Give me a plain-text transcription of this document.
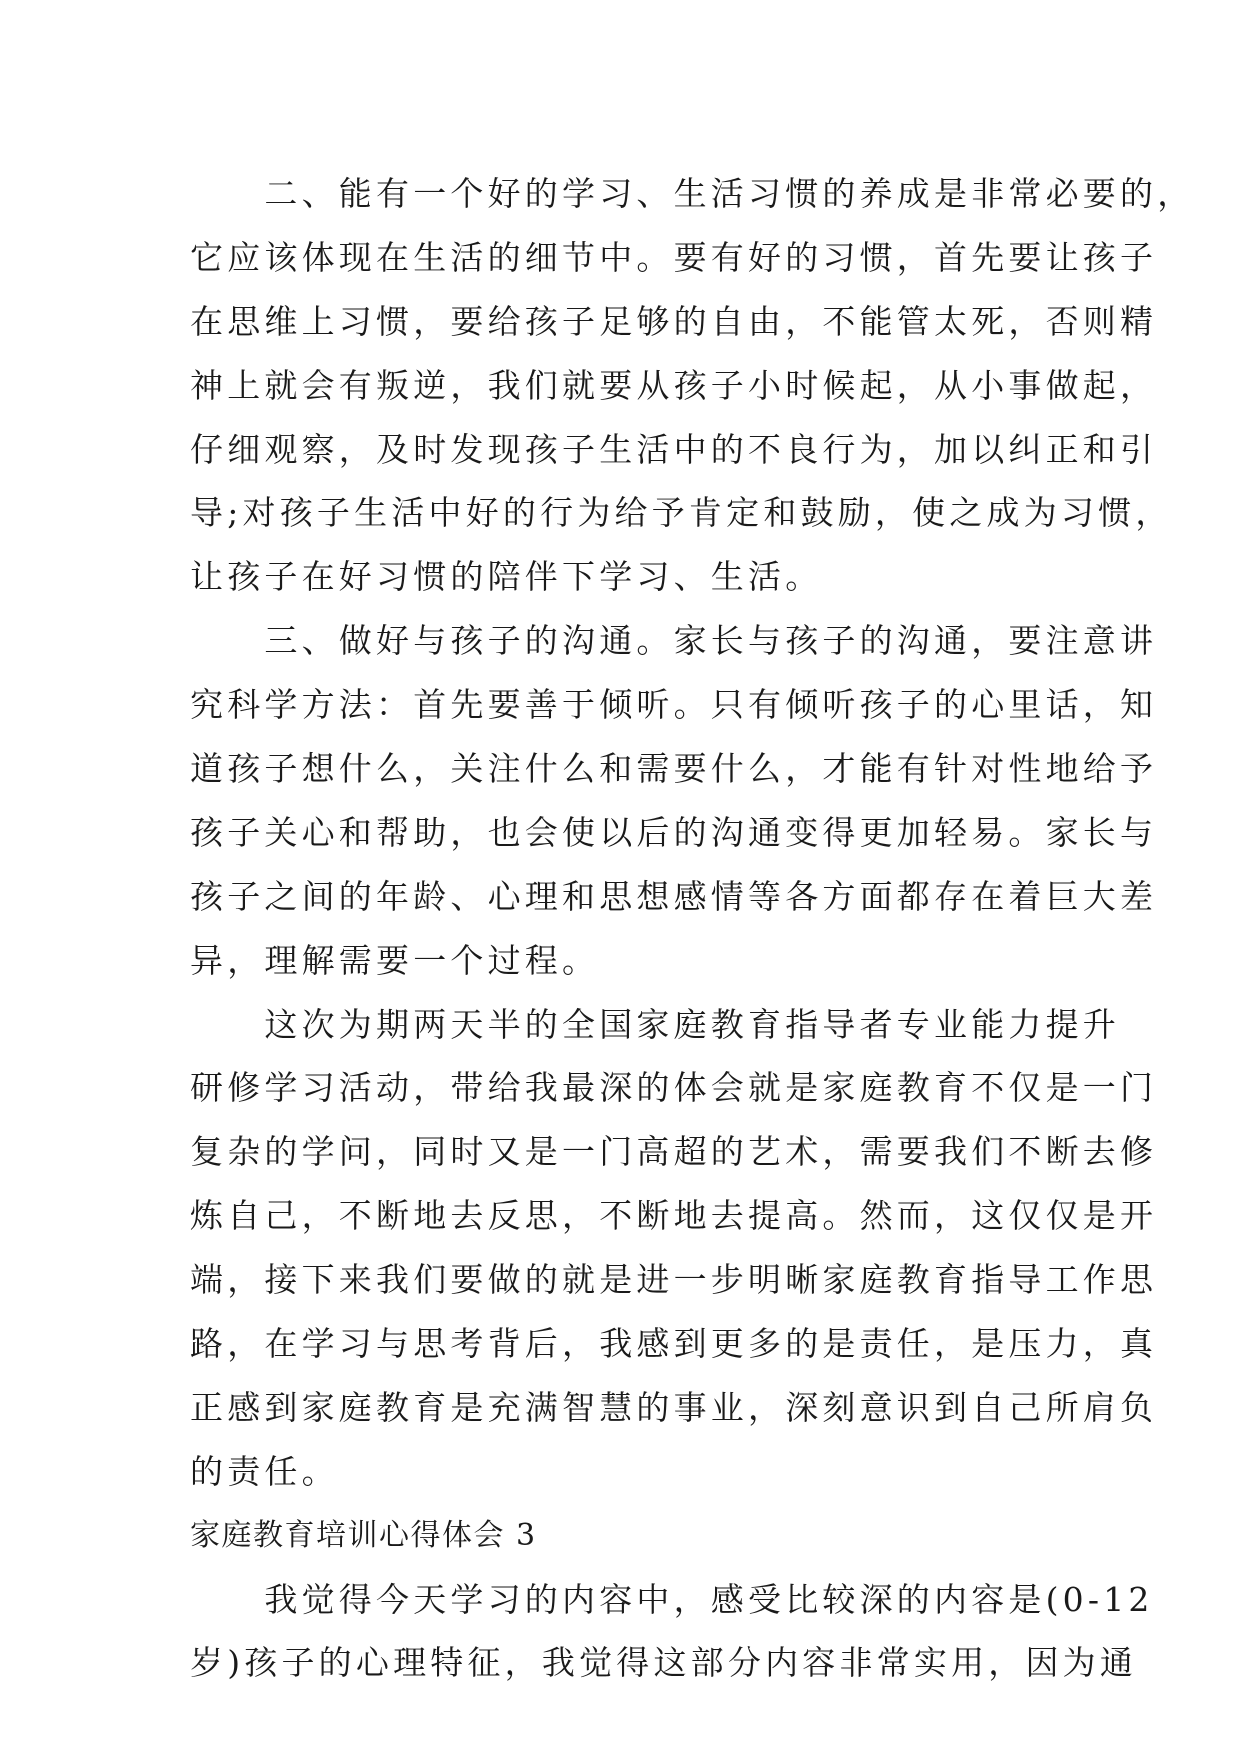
　　二、能有一个好的学习、生活习惯的养成是非常必要的，
它应该体现在生活的细节中。要有好的习惯，首先要让孩子
在思维上习惯，要给孩子足够的自由，不能管太死，否则精
神上就会有叛逆，我们就要从孩子小时候起，从小事做起，
仔细观察，及时发现孩子生活中的不良行为，加以纠正和引
导;对孩子生活中好的行为给予肯定和鼓励，使之成为习惯，
让孩子在好习惯的陪伴下学习、生活。
　　三、做好与孩子的沟通。家长与孩子的沟通，要注意讲
究科学方法：首先要善于倾听。只有倾听孩子的心里话，知
道孩子想什么，关注什么和需要什么，才能有针对性地给予
孩子关心和帮助，也会使以后的沟通变得更加轻易。家长与
孩子之间的年龄、心理和思想感情等各方面都存在着巨大差
异，理解需要一个过程。
　　这次为期两天半的全国家庭教育指导者专业能力提升
研修学习活动，带给我最深的体会就是家庭教育不仅是一门
复杂的学问，同时又是一门高超的艺术，需要我们不断去修
炼自己，不断地去反思，不断地去提高。然而，这仅仅是开
端，接下来我们要做的就是进一步明晰家庭教育指导工作思
路，在学习与思考背后，我感到更多的是责任，是压力，真
正感到家庭教育是充满智慧的事业，深刻意识到自己所肩负
的责任。
家庭教育培训心得体会 3
　　我觉得今天学习的内容中，感受比较深的内容是(0-12
岁)孩子的心理特征，我觉得这部分内容非常实用，因为通
